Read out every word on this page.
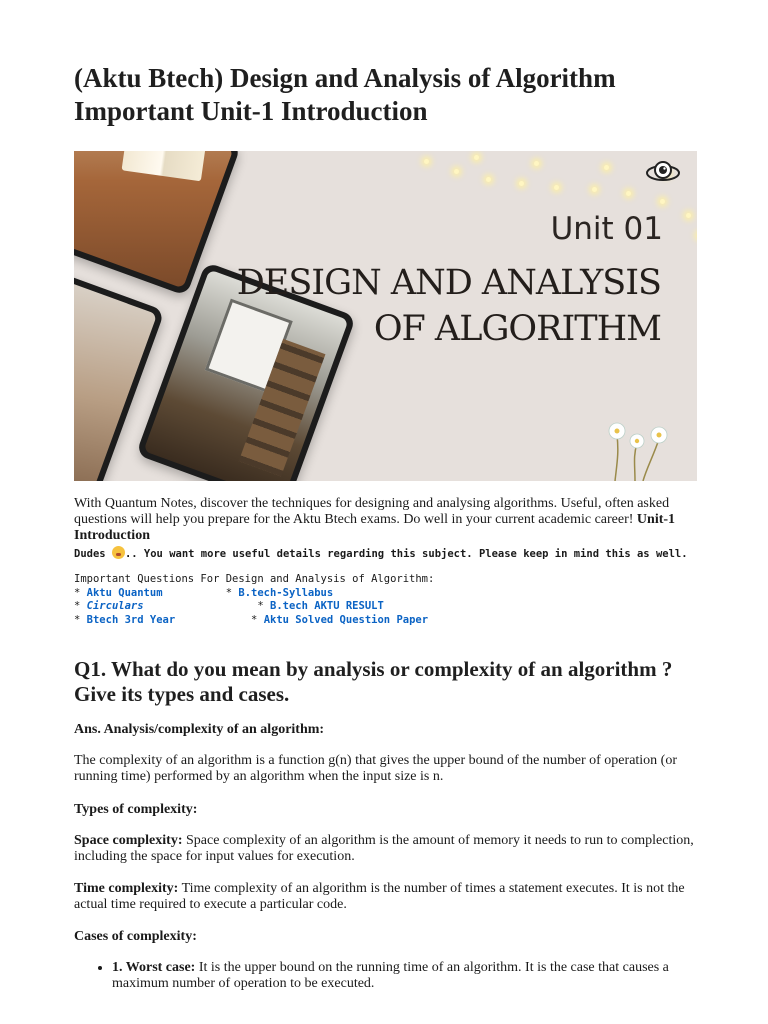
(Aktu Btech) Design and Analysis of Algorithm Important Unit-1 Introduction
Unit 01
DESIGN AND ANALYSIS
OF ALGORITHM

With Quantum Notes, discover the techniques for designing and analysing algorithms. Useful, often asked questions will help you prepare for the Aktu Btech exams. Do well in your current academic career! Unit-1 Introduction

Dudes .. You want more useful details regarding this subject. Please keep in mind this as well.
Important Questions For Design and Analysis of Algorithm:
* Aktu Quantum          * B.tech-Syllabus
* Circulars                  * B.tech AKTU RESULT
* Btech 3rd Year            * Aktu Solved Question Paper
Q1. What do you mean by analysis or complexity of an algorithm ? Give its types and cases.

Ans. Analysis/complexity of an algorithm:

The complexity of an algorithm is a function g(n) that gives the upper bound of the number of operation (or running time) performed by an algorithm when the input size is n.

Types of complexity:

Space complexity: Space complexity of an algorithm is the amount of memory it needs to run to complection, including the space for input values for execution.

Time complexity: Time complexity of an algorithm is the number of times a statement executes. It is not the actual time required to execute a particular code.

Cases of complexity:

• 1. Worst case: It is the upper bound on the running time of an algorithm. It is the case that causes a maximum number of operation to be executed.
